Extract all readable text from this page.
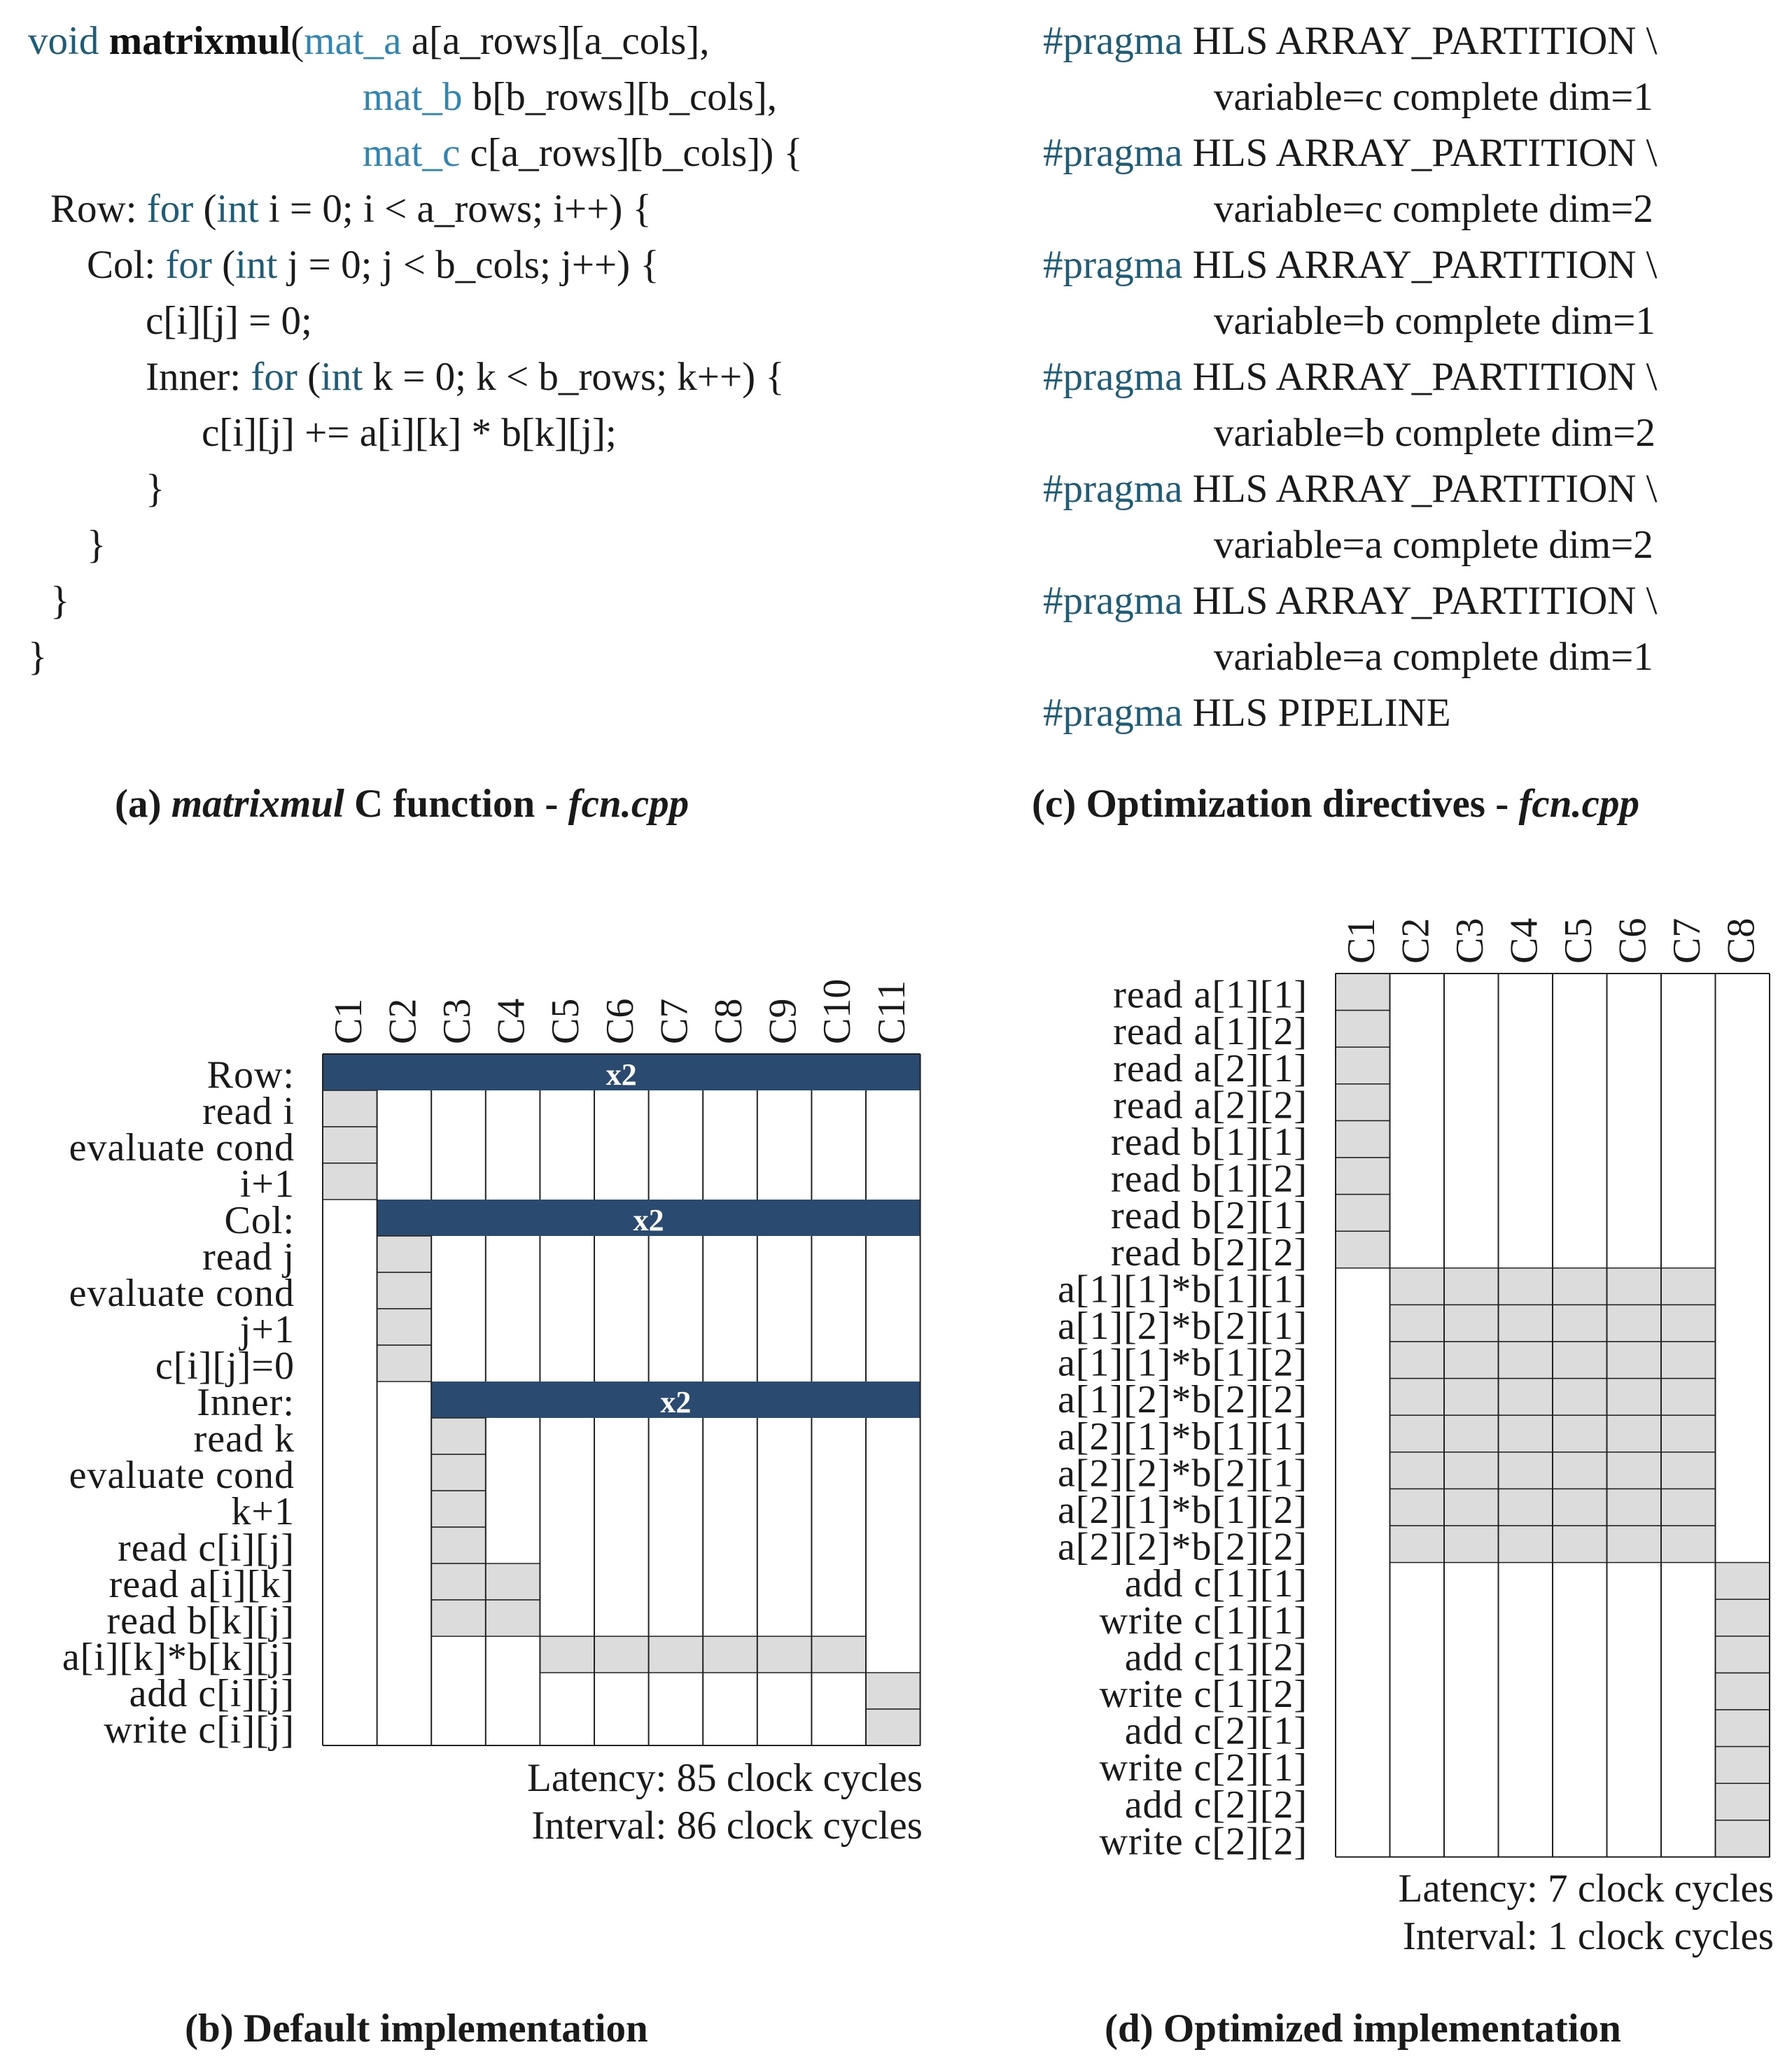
void matrixmul(mat_a a[a_rows][a_cols],
mat_b b[b_rows][b_cols],
mat_c c[a_rows][b_cols]) {
Row: for (int i = 0; i < a_rows; i++) {
Col: for (int j = 0; j < b_cols; j++) {
c[i][j] = 0;
Inner: for (int k = 0; k < b_rows; k++) {
c[i][j] += a[i][k] * b[k][j];
}
}
}
}
#pragma HLS ARRAY_PARTITION \
variable=c complete dim=1
#pragma HLS ARRAY_PARTITION \
variable=c complete dim=2
#pragma HLS ARRAY_PARTITION \
variable=b complete dim=1
#pragma HLS ARRAY_PARTITION \
variable=b complete dim=2
#pragma HLS ARRAY_PARTITION \
variable=a complete dim=2
#pragma HLS ARRAY_PARTITION \
variable=a complete dim=1
#pragma HLS PIPELINE
(a) matrixmul C function - fcn.cpp	(c) Optimization directives - fcn.cpp
(b) Default implementation	(d) Optimized implementation
C1 C2 C3 C4 C5 C6 C7 C8 C9 C10 C11
x2
x2
x2
Row:
read i
evaluate cond
i+1
Col:
read j
evaluate cond
j+1
c[i][j]=0
Inner:
read k
evaluate cond
k+1
read c[i][j]
read a[i][k]
read b[k][j]
a[i][k]*b[k][j]
add c[i][j]
write c[i][j]
C1 C2 C3 C4 C5 C6 C7 C8
read a[1][1]
read a[1][2]
read a[2][1]
read a[2][2]
read b[1][1]
read b[1][2]
read b[2][1]
read b[2][2]
a[1][1]*b[1][1]
a[1][2]*b[2][1]
a[1][1]*b[1][2]
a[1][2]*b[2][2]
a[2][1]*b[1][1]
a[2][2]*b[2][1]
a[2][1]*b[1][2]
a[2][2]*b[2][2]
add c[1][1]
write c[1][1]
add c[1][2]
write c[1][2]
add c[2][1]
write c[2][1]
add c[2][2]
write c[2][2]
Latency: 85 clock cycles
Interval: 86 clock cycles
Latency: 7 clock cycles
Interval: 1 clock cycles
